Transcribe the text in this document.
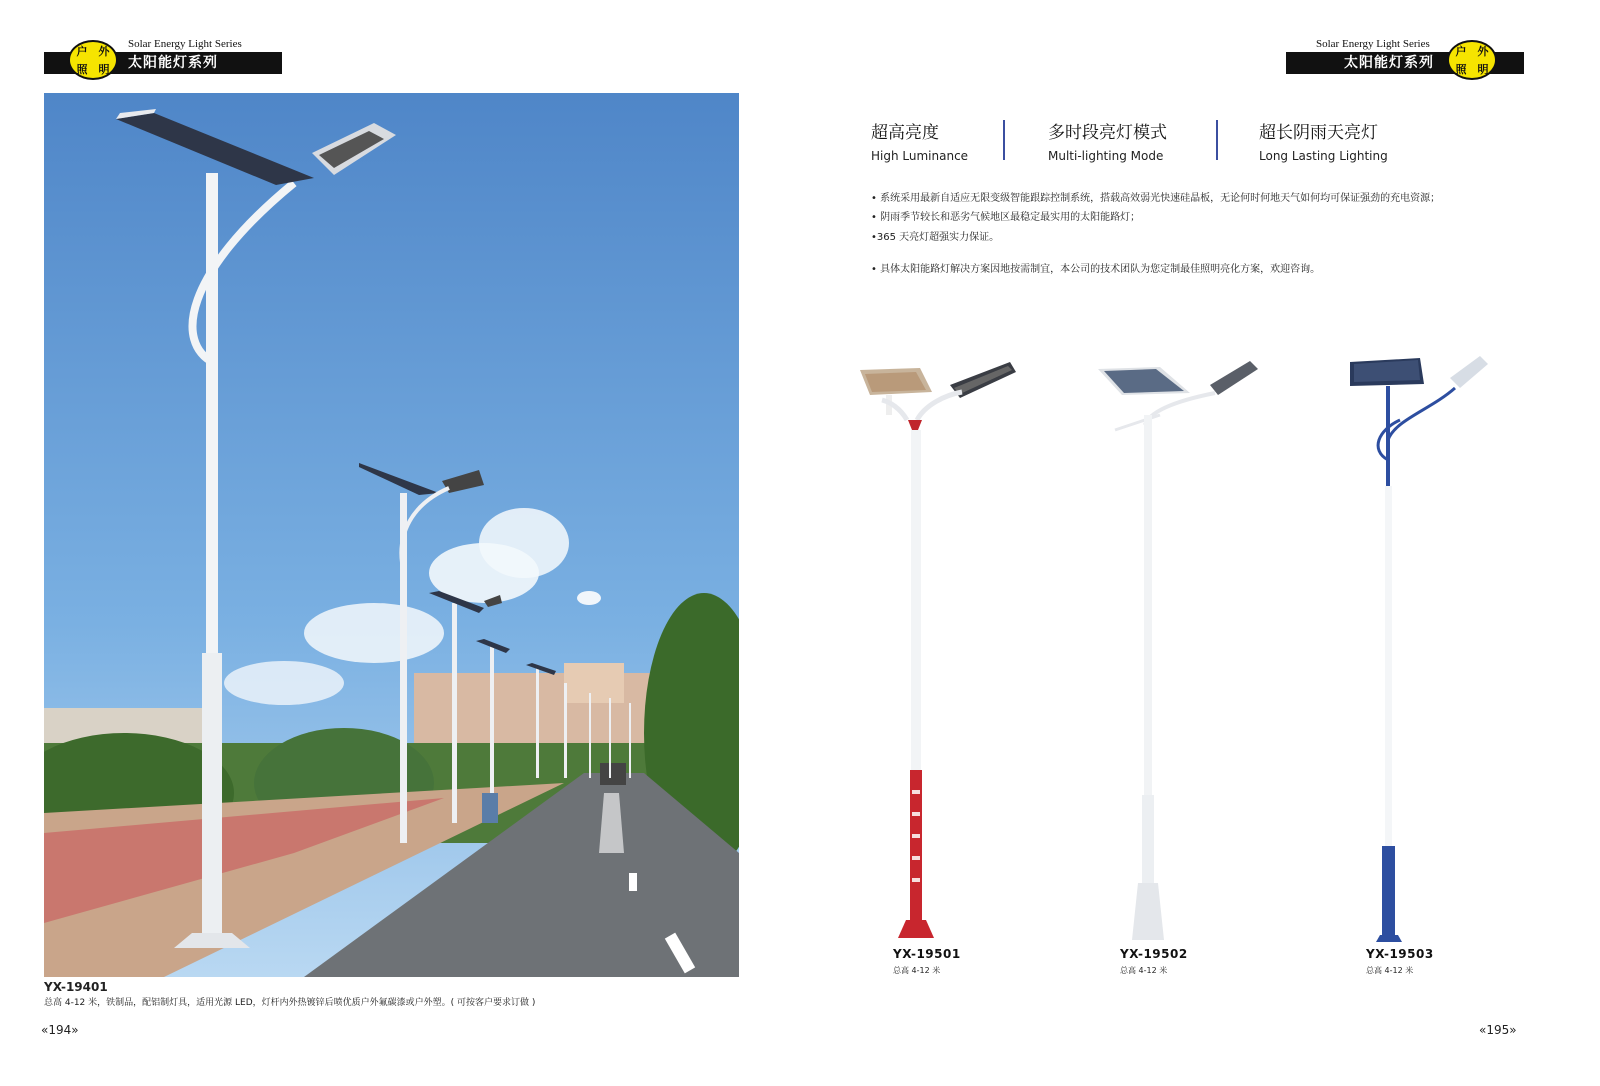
户	外
照	明
Solar Energy Light Series
太阳能灯系列
户	外
照	明
Solar Energy Light Series
太阳能灯系列
YX-19401
总高 4-12 米，铁制品，配铝制灯具，适用光源 LED，灯杆内外热镀锌后喷优质户外氟碳漆或户外塑。( 可按客户要求订做 )
超高亮度
High Luminance
多时段亮灯模式
Multi-lighting Mode
超长阴雨天亮灯
Long Lasting Lighting
• 系统采用最新自适应无限变级智能跟踪控制系统，搭载高效弱光快速硅晶板，无论何时何地天气如何均可保证强劲的充电资源；
• 阴雨季节较长和恶劣气候地区最稳定最实用的太阳能路灯；
•365 天亮灯超强实力保证。
• 具体太阳能路灯解决方案因地按需制宜，本公司的技术团队为您定制最佳照明亮化方案，欢迎咨询。
YX-19501
总高 4-12 米
YX-19502
总高 4-12 米
YX-19503
总高 4-12 米
«194»	«195»
